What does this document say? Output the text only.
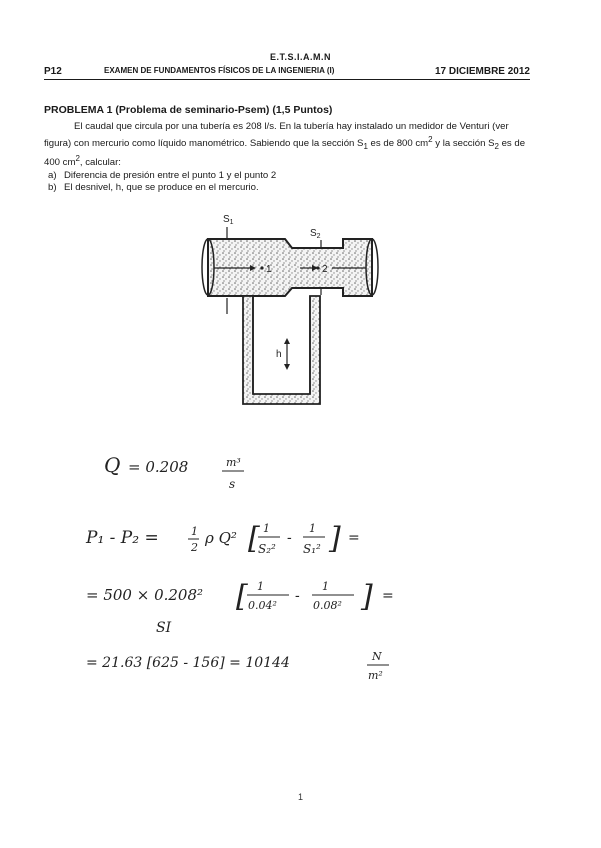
E.T.S.I.A.M.N
P12	EXAMEN DE FUNDAMENTOS FÍSICOS DE LA INGENIERIA (I)	17 DICIEMBRE 2012
PROBLEMA 1 (Problema de seminario-Psem) (1,5 Puntos)

El caudal que circula por una tubería es 208 l/s. En la tubería hay instalado un medidor de Venturi (ver figura) con mercurio como líquido manométrico. Sabiendo que la sección $S_1$ es de 800 $cm^2$ y la sección $S_2$ es de 400 $cm^2$, calcular:

a) Diferencia de presión entre el punto 1 y el punto 2
b) El desnivel, h, que se produce en el mercurio.
1	2
$S_1$
$S_2$
h
Q = 0.208	m³
s
P₁ - P₂ =	1
2
ρ Q² [ 1
S₂²
-
1
S₁² ] =
= 500 × 0.208² [ 1
0.04²
-
1
0.08² ] =
SI
= 21.63 [625 - 156] = 10144	N
m²
1
